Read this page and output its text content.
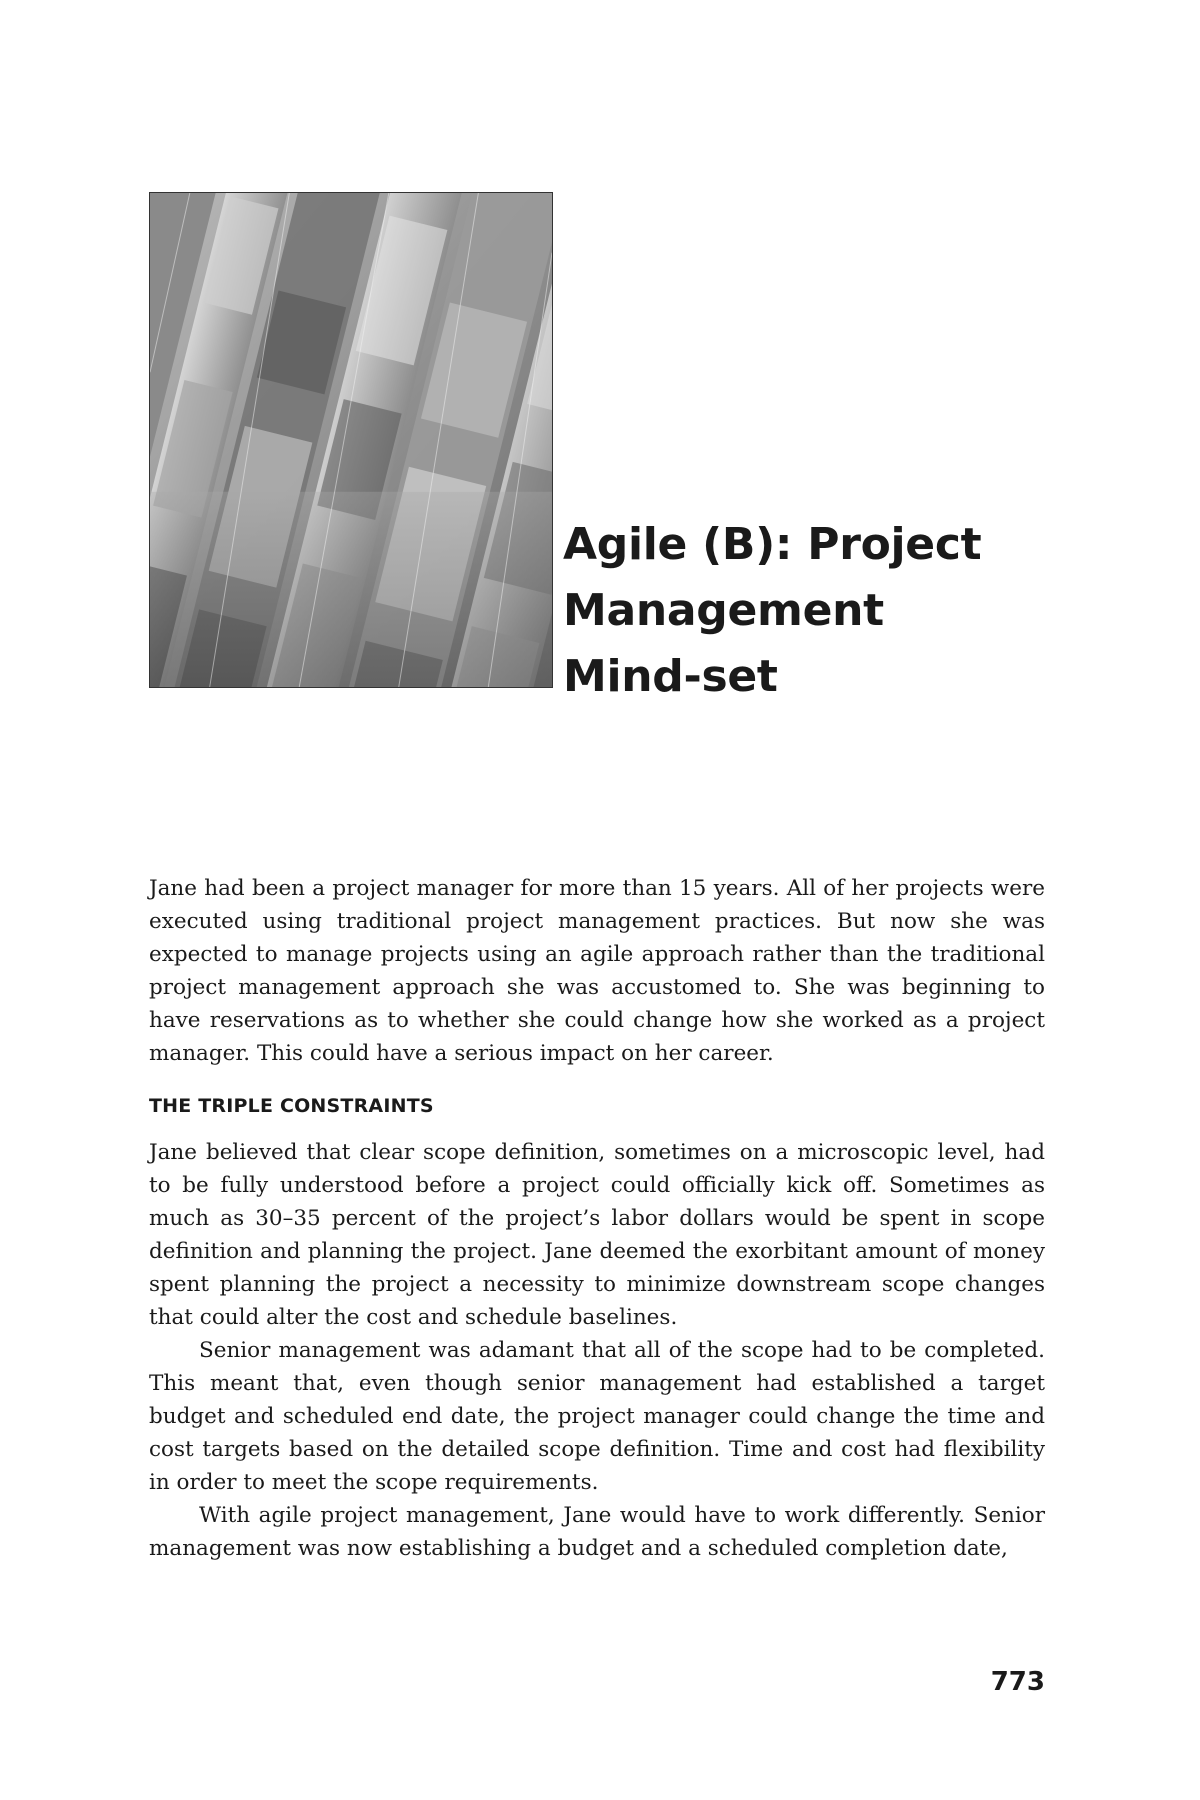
Agile (B): Project
Management
Mind-set

Jane had been a project manager for more than 15 years. All of her projects were executed using traditional project management practices. But now she was expected to manage projects using an agile approach rather than the traditional project management approach she was accustomed to. She was beginning to have reservations as to whether she could change how she worked as a project manager. This could have a serious impact on her career.

THE TRIPLE CONSTRAINTS

Jane believed that clear scope definition, sometimes on a microscopic level, had to be fully understood before a project could officially kick off. Sometimes as much as 30–35 percent of the project’s labor dollars would be spent in scope definition and planning the project. Jane deemed the exorbitant amount of money spent planning the project a necessity to minimize downstream scope changes that could alter the cost and schedule baselines.

Senior management was adamant that all of the scope had to be completed. This meant that, even though senior management had established a target budget and scheduled end date, the project manager could change the time and cost targets based on the detailed scope definition. Time and cost had flexibility in order to meet the scope requirements.

With agile project management, Jane would have to work differently. Senior management was now establishing a budget and a scheduled completion date,

773
